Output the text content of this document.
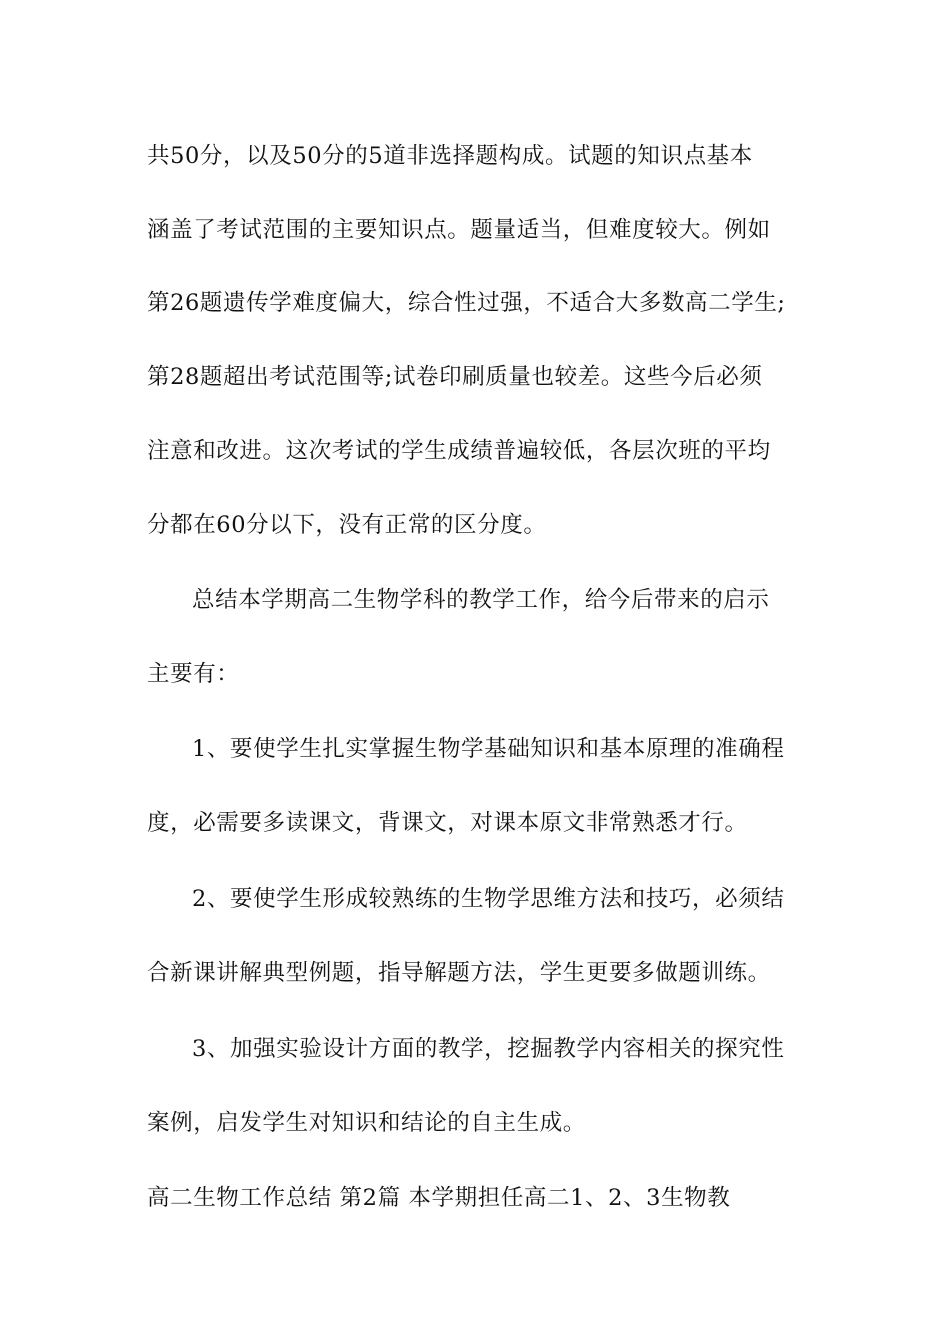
共50分，以及50分的5道非选择题构成。试题的知识点基本
涵盖了考试范围的主要知识点。题量适当，但难度较大。例如
第26题遗传学难度偏大，综合性过强，不适合大多数高二学生;
第28题超出考试范围等;试卷印刷质量也较差。这些今后必须
注意和改进。这次考试的学生成绩普遍较低，各层次班的平均
分都在60分以下，没有正常的区分度。
总结本学期高二生物学科的教学工作，给今后带来的启示
主要有：
1、要使学生扎实掌握生物学基础知识和基本原理的准确程
度，必需要多读课文，背课文，对课本原文非常熟悉才行。
2、要使学生形成较熟练的生物学思维方法和技巧，必须结
合新课讲解典型例题，指导解题方法，学生更要多做题训练。
3、加强实验设计方面的教学，挖掘教学内容相关的探究性
案例，启发学生对知识和结论的自主生成。
高二生物工作总结 第2篇 本学期担任高二1、2、3生物教
